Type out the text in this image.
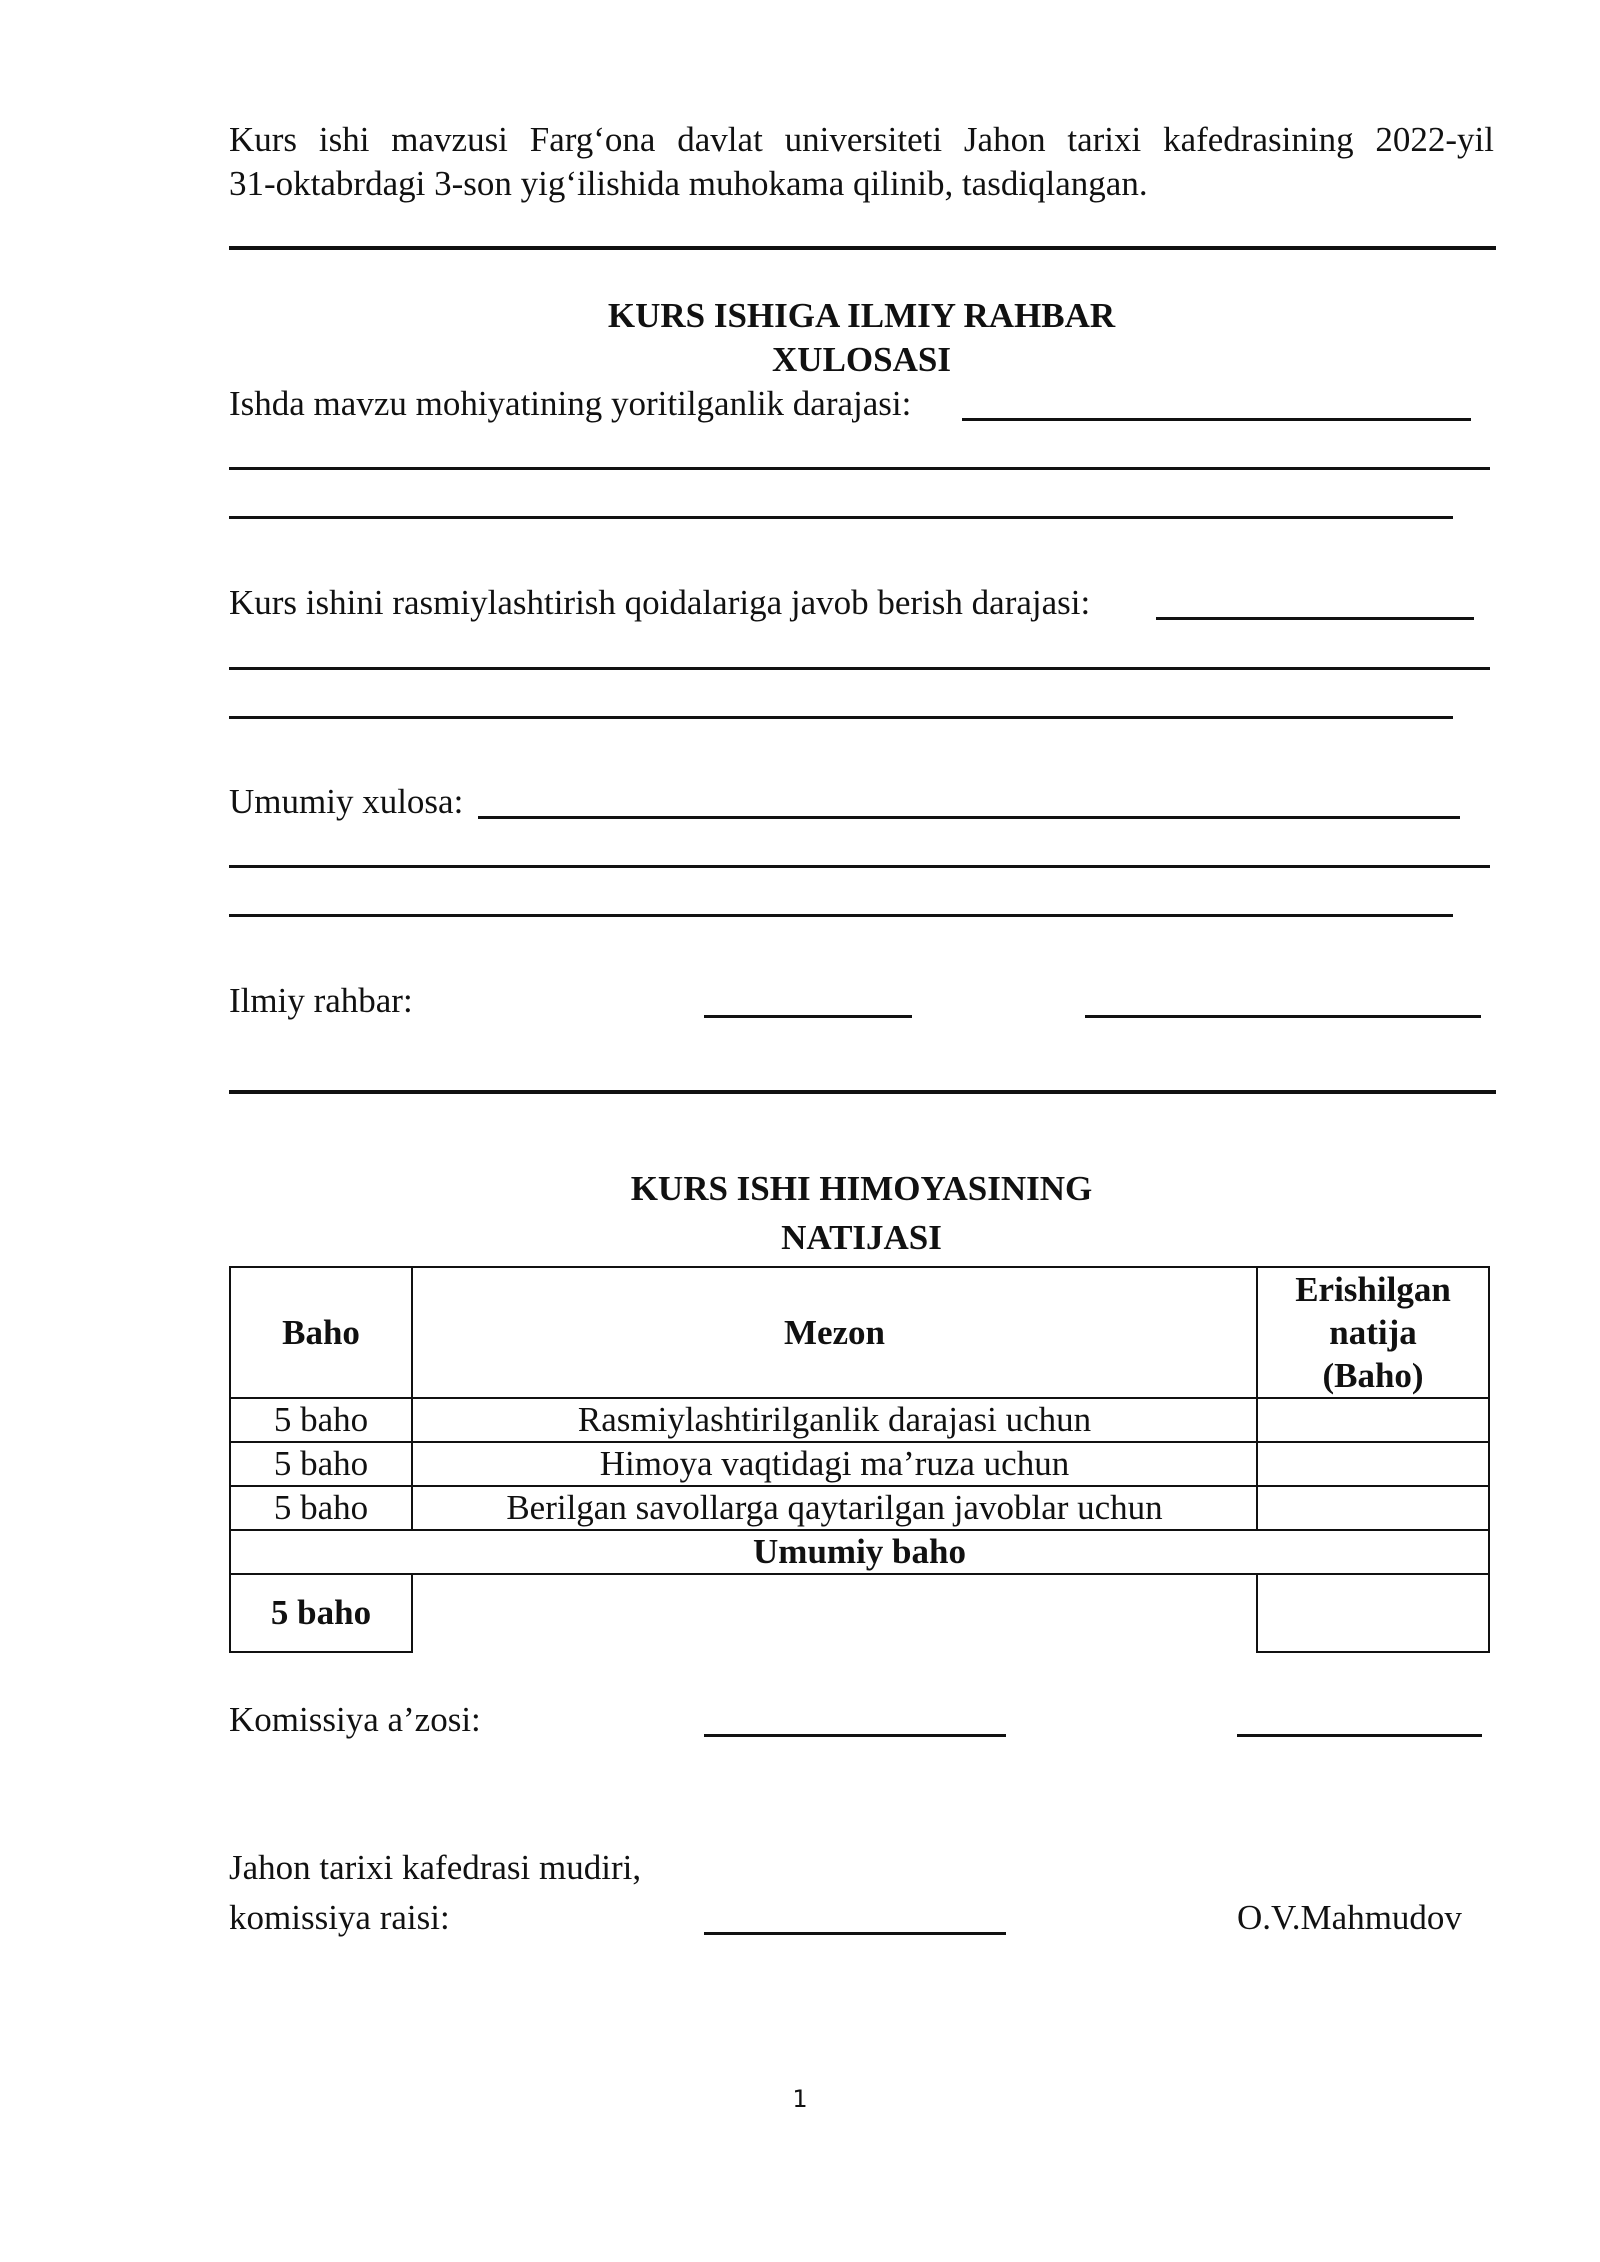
Kurs ishi mavzusi Farg‘ona davlat universiteti Jahon tarixi kafedrasining 2022-yil
31-oktabrdagi 3-son yig‘ilishida muhokama qilinib, tasdiqlangan.
KURS ISHIGA ILMIY RAHBAR
XULOSASI
Ishda mavzu mohiyatining yoritilganlik darajasi:
Kurs ishini rasmiylashtirish qoidalariga javob berish darajasi:
Umumiy xulosa:
Ilmiy rahbar:
KURS ISHI HIMOYASINING
NATIJASI
Baho	Mezon	Erishilgan
natija
(Baho)

5 baho	Rasmiylashtirilganlik darajasi uchun	
5 baho	Himoya vaqtidagi ma’ruza uchun	
5 baho	Berilgan savollarga qaytarilgan javoblar uchun	
Umumiy baho		
5 baho		
Komissiya a’zosi:
Jahon tarixi kafedrasi mudiri,
komissiya raisi:	O.V.Mahmudov
1
